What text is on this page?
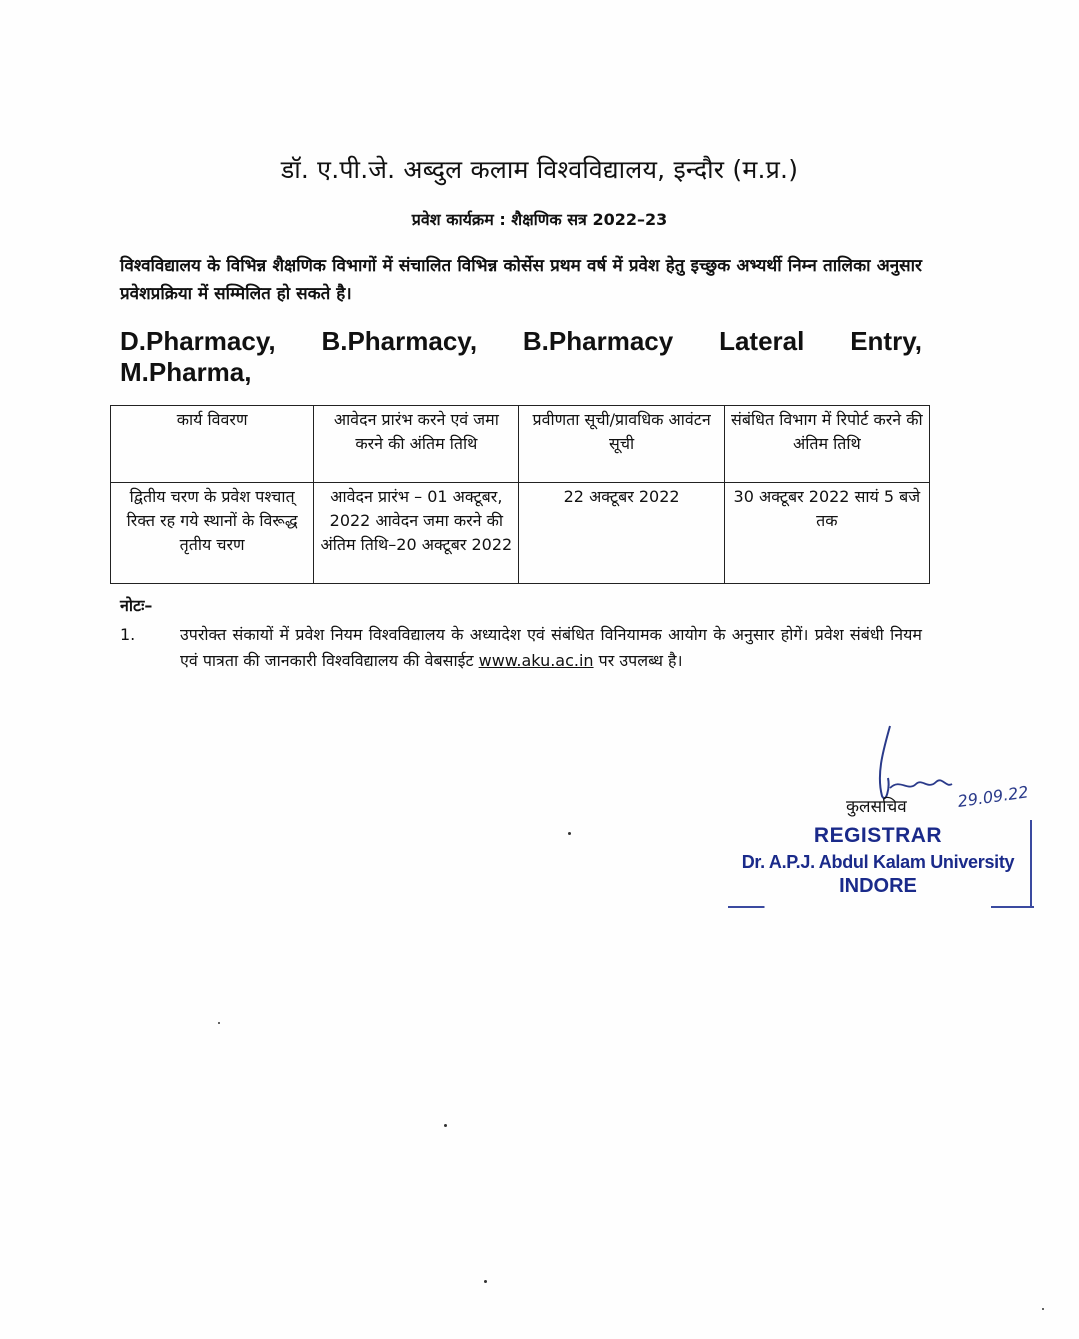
डॉ. ए.पी.जे. अब्दुल कलाम विश्वविद्यालय, इन्दौर (म.प्र.)
प्रवेश कार्यक्रम : शैक्षणिक सत्र 2022–23
विश्वविद्यालय के विभिन्न शैक्षणिक विभागों में संचालित विभिन्न कोर्सेस प्रथम वर्ष में प्रवेश हेतु इच्छुक अभ्यर्थी निम्न तालिका अनुसार प्रवेशप्रक्रिया में सम्मिलित हो सकते है।
D.Pharmacy, B.Pharmacy, B.Pharmacy Lateral Entry,
M.Pharma,
कार्य विवरण	आवेदन प्रारंभ करने एवं जमा करने की अंतिम तिथि	प्रवीणता सूची/प्रावधिक आवंटन सूची	संबंधित विभाग में रिपोर्ट करने की अंतिम तिथि
द्वितीय चरण के प्रवेश पश्चात् रिक्त रह गये स्थानों के विरूद्ध तृतीय चरण	आवेदन प्रारंभ – 01 अक्टूबर, 2022 आवेदन जमा करने की अंतिम तिथि–20 अक्टूबर 2022	22 अक्टूबर 2022	30 अक्टूबर 2022 सायं 5 बजे तक
नोटः–
1.	उपरोक्त संकायों में प्रवेश नियम विश्वविद्यालय के अध्यादेश एवं संबंधित विनियामक आयोग के अनुसार होगें। प्रवेश संबंधी नियम एवं पात्रता की जानकारी विश्वविद्यालय की वेबसाईट www.aku.ac.in पर उपलब्ध है।
29.09.22
कुलसचिव
REGISTRAR
Dr. A.P.J. Abdul Kalam University
INDORE
